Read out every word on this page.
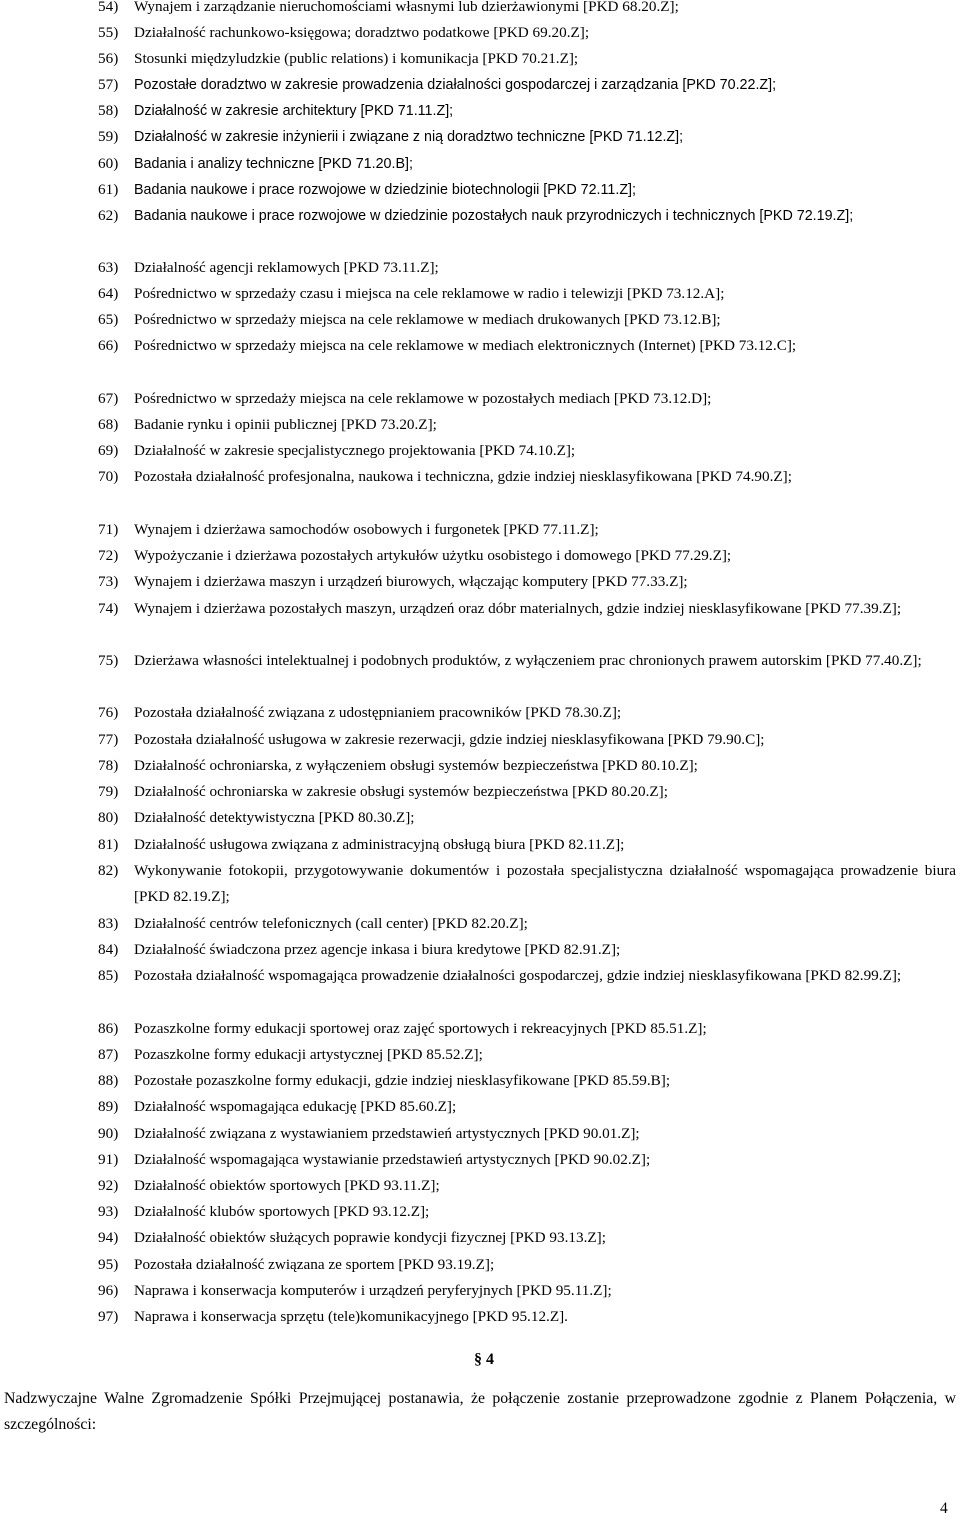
54) Wynajem i zarządzanie nieruchomościami własnymi lub dzierżawionymi [PKD 68.20.Z];
55) Działalność rachunkowo-księgowa; doradztwo podatkowe [PKD 69.20.Z];
56) Stosunki międzyludzkie (public relations) i komunikacja [PKD 70.21.Z];
57) Pozostałe doradztwo w zakresie prowadzenia działalności gospodarczej i zarządzania [PKD 70.22.Z];
58) Działalność w zakresie architektury [PKD 71.11.Z];
59) Działalność w zakresie inżynierii i związane z nią doradztwo techniczne [PKD 71.12.Z];
60) Badania i analizy techniczne [PKD 71.20.B];
61) Badania naukowe i prace rozwojowe w dziedzinie biotechnologii [PKD 72.11.Z];
62) Badania naukowe i prace rozwojowe w dziedzinie pozostałych nauk przyrodniczych i technicznych [PKD 72.19.Z];
63) Działalność agencji reklamowych [PKD 73.11.Z];
64) Pośrednictwo w sprzedaży czasu i miejsca na cele reklamowe w radio i telewizji [PKD 73.12.A];
65) Pośrednictwo w sprzedaży miejsca na cele reklamowe w mediach drukowanych [PKD 73.12.B];
66) Pośrednictwo w sprzedaży miejsca na cele reklamowe w mediach elektronicznych (Internet) [PKD 73.12.C];
67) Pośrednictwo w sprzedaży miejsca na cele reklamowe w pozostałych mediach [PKD 73.12.D];
68) Badanie rynku i opinii publicznej [PKD 73.20.Z];
69) Działalność w zakresie specjalistycznego projektowania [PKD 74.10.Z];
70) Pozostała działalność profesjonalna, naukowa i techniczna, gdzie indziej niesklasyfikowana [PKD 74.90.Z];
71) Wynajem i dzierżawa samochodów osobowych i furgonetek [PKD 77.11.Z];
72) Wypożyczanie i dzierżawa pozostałych artykułów użytku osobistego i domowego [PKD 77.29.Z];
73) Wynajem i dzierżawa maszyn i urządzeń biurowych, włączając komputery [PKD 77.33.Z];
74) Wynajem i dzierżawa pozostałych maszyn, urządzeń oraz dóbr materialnych, gdzie indziej niesklasyfikowane [PKD 77.39.Z];
75) Dzierżawa własności intelektualnej i podobnych produktów, z wyłączeniem prac chronionych prawem autorskim [PKD 77.40.Z];
76) Pozostała działalność związana z udostępnianiem pracowników [PKD 78.30.Z];
77) Pozostała działalność usługowa w zakresie rezerwacji, gdzie indziej niesklasyfikowana [PKD 79.90.C];
78) Działalność ochroniarska, z wyłączeniem obsługi systemów bezpieczeństwa [PKD 80.10.Z];
79) Działalność ochroniarska w zakresie obsługi systemów bezpieczeństwa [PKD 80.20.Z];
80) Działalność detektywistyczna [PKD 80.30.Z];
81) Działalność usługowa związana z administracyjną obsługą biura [PKD 82.11.Z];
82) Wykonywanie fotokopii, przygotowywanie dokumentów i pozostała specjalistyczna działalność wspomagająca prowadzenie biura [PKD 82.19.Z];
83) Działalność centrów telefonicznych (call center) [PKD 82.20.Z];
84) Działalność świadczona przez agencje inkasa i biura kredytowe [PKD 82.91.Z];
85) Pozostała działalność wspomagająca prowadzenie działalności gospodarczej, gdzie indziej niesklasyfikowana [PKD 82.99.Z];
86) Pozaszkolne formy edukacji sportowej oraz zajęć sportowych i rekreacyjnych [PKD 85.51.Z];
87) Pozaszkolne formy edukacji artystycznej [PKD 85.52.Z];
88) Pozostałe pozaszkolne formy edukacji, gdzie indziej niesklasyfikowane [PKD 85.59.B];
89) Działalność wspomagająca edukację [PKD 85.60.Z];
90) Działalność związana z wystawianiem przedstawień artystycznych [PKD 90.01.Z];
91) Działalność wspomagająca wystawianie przedstawień artystycznych [PKD 90.02.Z];
92) Działalność obiektów sportowych [PKD 93.11.Z];
93) Działalność klubów sportowych [PKD 93.12.Z];
94) Działalność obiektów służących poprawie kondycji fizycznej [PKD 93.13.Z];
95) Pozostała działalność związana ze sportem [PKD 93.19.Z];
96) Naprawa i konserwacja komputerów i urządzeń peryferyjnych [PKD 95.11.Z];
97) Naprawa i konserwacja sprzętu (tele)komunikacyjnego [PKD 95.12.Z].
§ 4
Nadzwyczajne Walne Zgromadzenie Spółki Przejmującej postanawia, że połączenie zostanie przeprowadzone zgodnie z Planem Połączenia, w szczególności:
4
